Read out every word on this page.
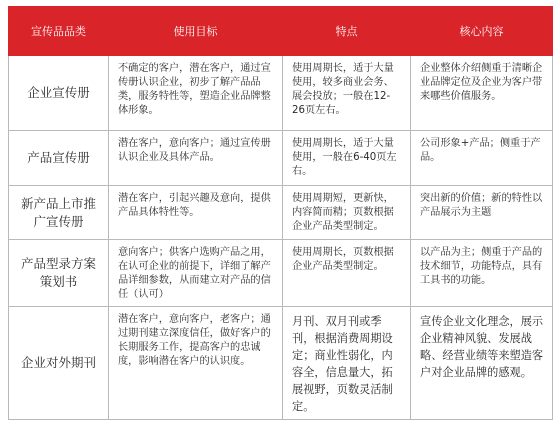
宣传品品类	使用目标	特点	核心内容
企业宣传册	不确定的客户，潜在客户，通过宣传册认识企业，初步了解产品品类，服务特性等，塑造企业品牌整体形象。	使用周期长，适于大量使用，较多商业会务、展会投放；一般在12-26页左右。	企业整体介绍侧重于清晰企业品牌定位及企业为客户带来哪些价值服务。
产品宣传册	潜在客户，意向客户；通过宣传册认识企业及具体产品。	使用周期长，适于大量使用，一般在6-40页左右。	公司形象+产品；侧重于产品。
新产品上市推广宣传册	潜在客户，引起兴趣及意向，提供产品具体特性等。	使用周期短，更新快，内容简而精；页数根据企业产品类型制定。	突出新的价值；新的特性以产品展示为主题
产品型录方案策划书	意向客户；供客户选购产品之用，在认可企业的前提下，详细了解产品详细参数，从而建立对产品的信任（认可）	使用周期长，页数根据企业产品类型制定。	以产品为主；侧重于产品的技术细节，功能特点，具有工具书的功能。
企业对外期刊	潜在客户，意向客户，老客户；通过期刊建立深度信任，做好客户的长期服务工作，提高客户的忠诚度，影响潜在客户的认识度。	月刊、双月刊或季刊，根据消费周期设定；商业性弱化，内容全，信息量大，拓展视野，页数灵活制定。	宣传企业文化理念，展示企业精神风貌、发展战略、经营业绩等来塑造客户对企业品牌的感观。
